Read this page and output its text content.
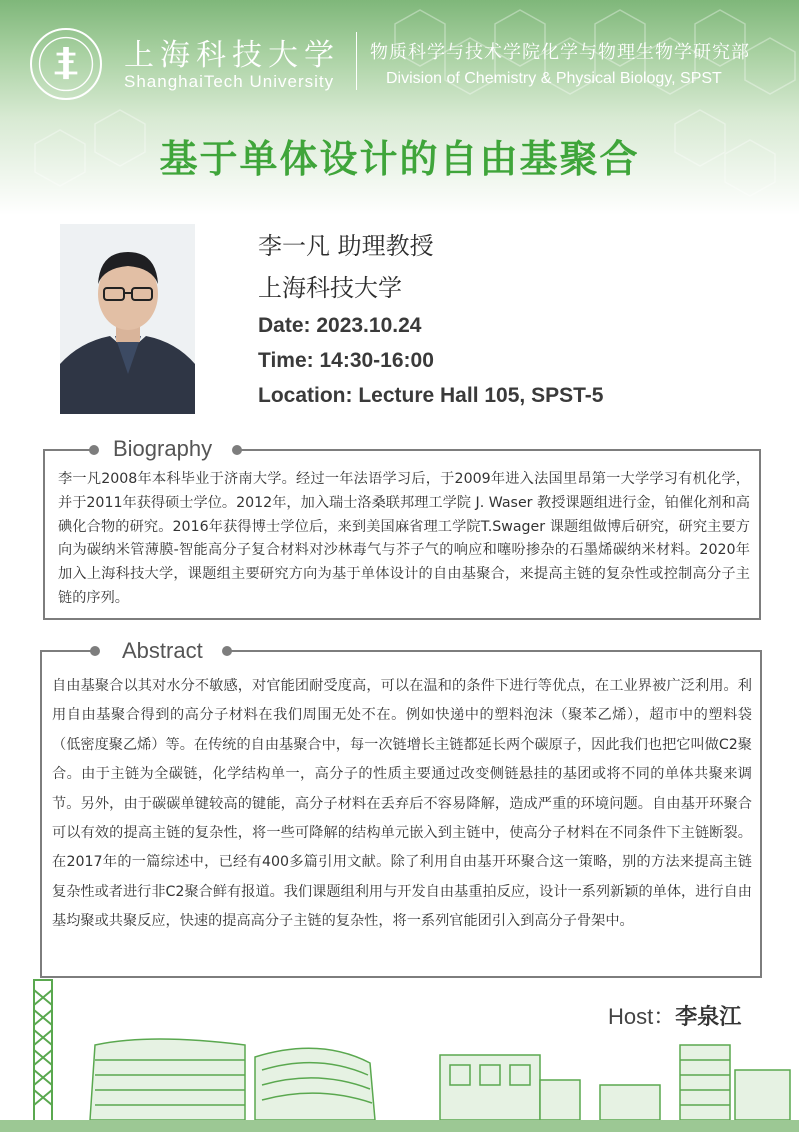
上海科技大学
ShanghaiTech University
物质科学与技术学院化学与物理生物学研究部
Division of Chemistry & Physical Biology, SPST
基于单体设计的自由基聚合
李一凡 助理教授
上海科技大学
Date: 2023.10.24
Time: 14:30-16:00
Location: Lecture Hall 105, SPST-5
Biography
李一凡2008年本科毕业于济南大学。经过一年法语学习后，于2009年进入法国里昂第一大学学习有机化学，并于2011年获得硕士学位。2012年，加入瑞士洛桑联邦理工学院 J. Waser 教授课题组进行金，铂催化剂和高碘化合物的研究。2016年获得博士学位后，来到美国麻省理工学院T.Swager 课题组做博后研究，研究主要方向为碳纳米管薄膜-智能高分子复合材料对沙林毒气与芥子气的响应和噻吩掺杂的石墨烯碳纳米材料。2020年加入上海科技大学，课题组主要研究方向为基于单体设计的自由基聚合，来提高主链的复杂性或控制高分子主链的序列。
Abstract
自由基聚合以其对水分不敏感，对官能团耐受度高，可以在温和的条件下进行等优点，在工业界被广泛利用。利用自由基聚合得到的高分子材料在我们周围无处不在。例如快递中的塑料泡沫（聚苯乙烯），超市中的塑料袋（低密度聚乙烯）等。在传统的自由基聚合中，每一次链增长主链都延长两个碳原子，因此我们也把它叫做C2聚合。由于主链为全碳链，化学结构单一，高分子的性质主要通过改变侧链悬挂的基团或将不同的单体共聚来调节。另外，由于碳碳单键较高的键能，高分子材料在丢弃后不容易降解，造成严重的环境问题。自由基开环聚合可以有效的提高主链的复杂性，将一些可降解的结构单元嵌入到主链中，使高分子材料在不同条件下主链断裂。在2017年的一篇综述中，已经有400多篇引用文献。除了利用自由基开环聚合这一策略，别的方法来提高主链复杂性或者进行非C2聚合鲜有报道。我们课题组利用与开发自由基重拍反应，设计一系列新颖的单体，进行自由基均聚或共聚反应，快速的提高高分子主链的复杂性，将一系列官能团引入到高分子骨架中。
Host：李泉江
